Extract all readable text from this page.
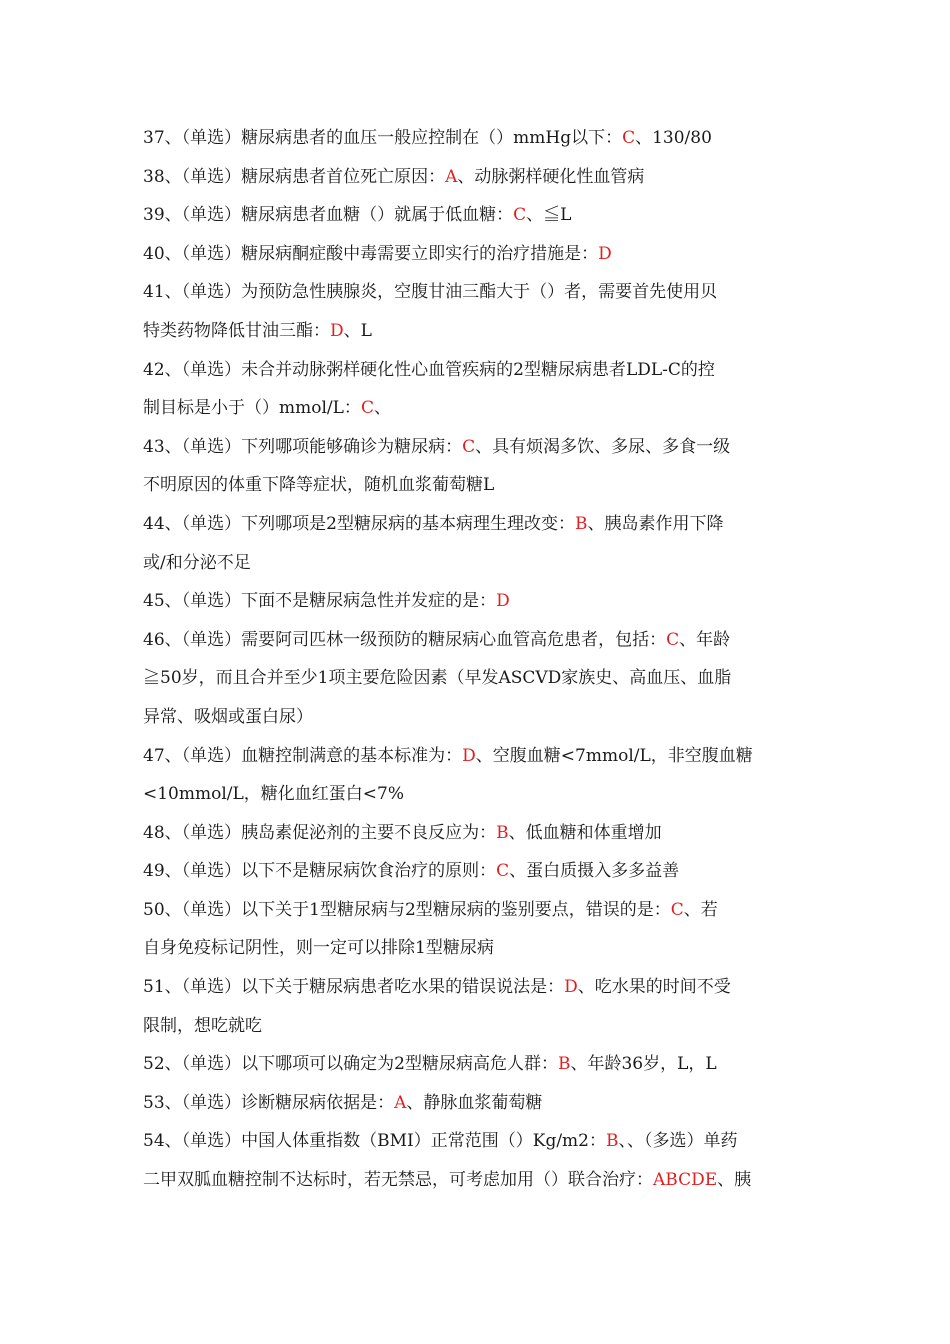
37、（单选）糖尿病患者的血压一般应控制在（）mmHg以下：C、130/80
38、（单选）糖尿病患者首位死亡原因：A、动脉粥样硬化性血管病
39、（单选）糖尿病患者血糖（）就属于低血糖：C、≦L
40、（单选）糖尿病酮症酸中毒需要立即实行的治疗措施是：D
41、（单选）为预防急性胰腺炎，空腹甘油三酯大于（）者，需要首先使用贝
特类药物降低甘油三酯：D、L
42、（单选）未合并动脉粥样硬化性心血管疾病的2型糖尿病患者LDL-C的控
制目标是小于（）mmol/L：C、
43、（单选）下列哪项能够确诊为糖尿病：C、具有烦渴多饮、多尿、多食一级
不明原因的体重下降等症状，随机血浆葡萄糖L
44、（单选）下列哪项是2型糖尿病的基本病理生理改变：B、胰岛素作用下降
或/和分泌不足
45、（单选）下面不是糖尿病急性并发症的是：D
46、（单选）需要阿司匹林一级预防的糖尿病心血管高危患者，包括：C、年龄
≧50岁，而且合并至少1项主要危险因素（早发ASCVD家族史、高血压、血脂
异常、吸烟或蛋白尿）
47、（单选）血糖控制满意的基本标准为：D、空腹血糖<7mmol/L，非空腹血糖
<10mmol/L，糖化血红蛋白<7%
48、（单选）胰岛素促泌剂的主要不良反应为：B、低血糖和体重增加
49、（单选）以下不是糖尿病饮食治疗的原则：C、蛋白质摄入多多益善
50、（单选）以下关于1型糖尿病与2型糖尿病的鉴别要点，错误的是：C、若
自身免疫标记阴性，则一定可以排除1型糖尿病
51、（单选）以下关于糖尿病患者吃水果的错误说法是：D、吃水果的时间不受
限制，想吃就吃
52、（单选）以下哪项可以确定为2型糖尿病高危人群：B、年龄36岁，L，L
53、（单选）诊断糖尿病依据是：A、静脉血浆葡萄糖
54、（单选）中国人体重指数（BMI）正常范围（）Kg/m2：B、、（多选）单药
二甲双胍血糖控制不达标时，若无禁忌，可考虑加用（）联合治疗：ABCDE、胰
